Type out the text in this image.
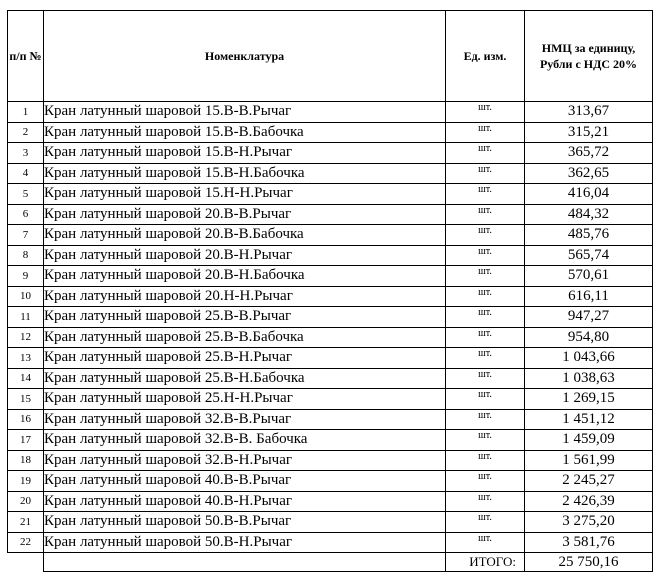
п/п №	Номенклатура	Ед. изм.	НМЦ за единицу, Рубли с НДС 20%
1	Кран латунный шаровой 15.В-В.Рычаг	шт.	313,67
2	Кран латунный шаровой 15.В-В.Бабочка	шт.	315,21
3	Кран латунный шаровой 15.В-Н.Рычаг	шт.	365,72
4	Кран латунный шаровой 15.В-Н.Бабочка	шт.	362,65
5	Кран латунный шаровой 15.Н-Н.Рычаг	шт.	416,04
6	Кран латунный шаровой 20.В-В.Рычаг	шт.	484,32
7	Кран латунный шаровой 20.В-В.Бабочка	шт.	485,76
8	Кран латунный шаровой 20.В-Н.Рычаг	шт.	565,74
9	Кран латунный шаровой 20.В-Н.Бабочка	шт.	570,61
10	Кран латунный шаровой 20.Н-Н.Рычаг	шт.	616,11
11	Кран латунный шаровой 25.В-В.Рычаг	шт.	947,27
12	Кран латунный шаровой 25.В-В.Бабочка	шт.	954,80
13	Кран латунный шаровой 25.В-Н.Рычаг	шт.	1 043,66
14	Кран латунный шаровой 25.В-Н.Бабочка	шт.	1 038,63
15	Кран латунный шаровой 25.Н-Н.Рычаг	шт.	1 269,15
16	Кран латунный шаровой 32.В-В.Рычаг	шт.	1 451,12
17	Кран латунный шаровой 32.В-В. Бабочка	шт.	1 459,09
18	Кран латунный шаровой 32.В-Н.Рычаг	шт.	1 561,99
19	Кран латунный шаровой 40.В-В.Рычаг	шт.	2 245,27
20	Кран латунный шаровой 40.В-Н.Рычаг	шт.	2 426,39
21	Кран латунный шаровой 50.В-В.Рычаг	шт.	3 275,20
22	Кран латунный шаровой 50.В-Н.Рычаг	шт.	3 581,76
		ИТОГО:	25 750,16
